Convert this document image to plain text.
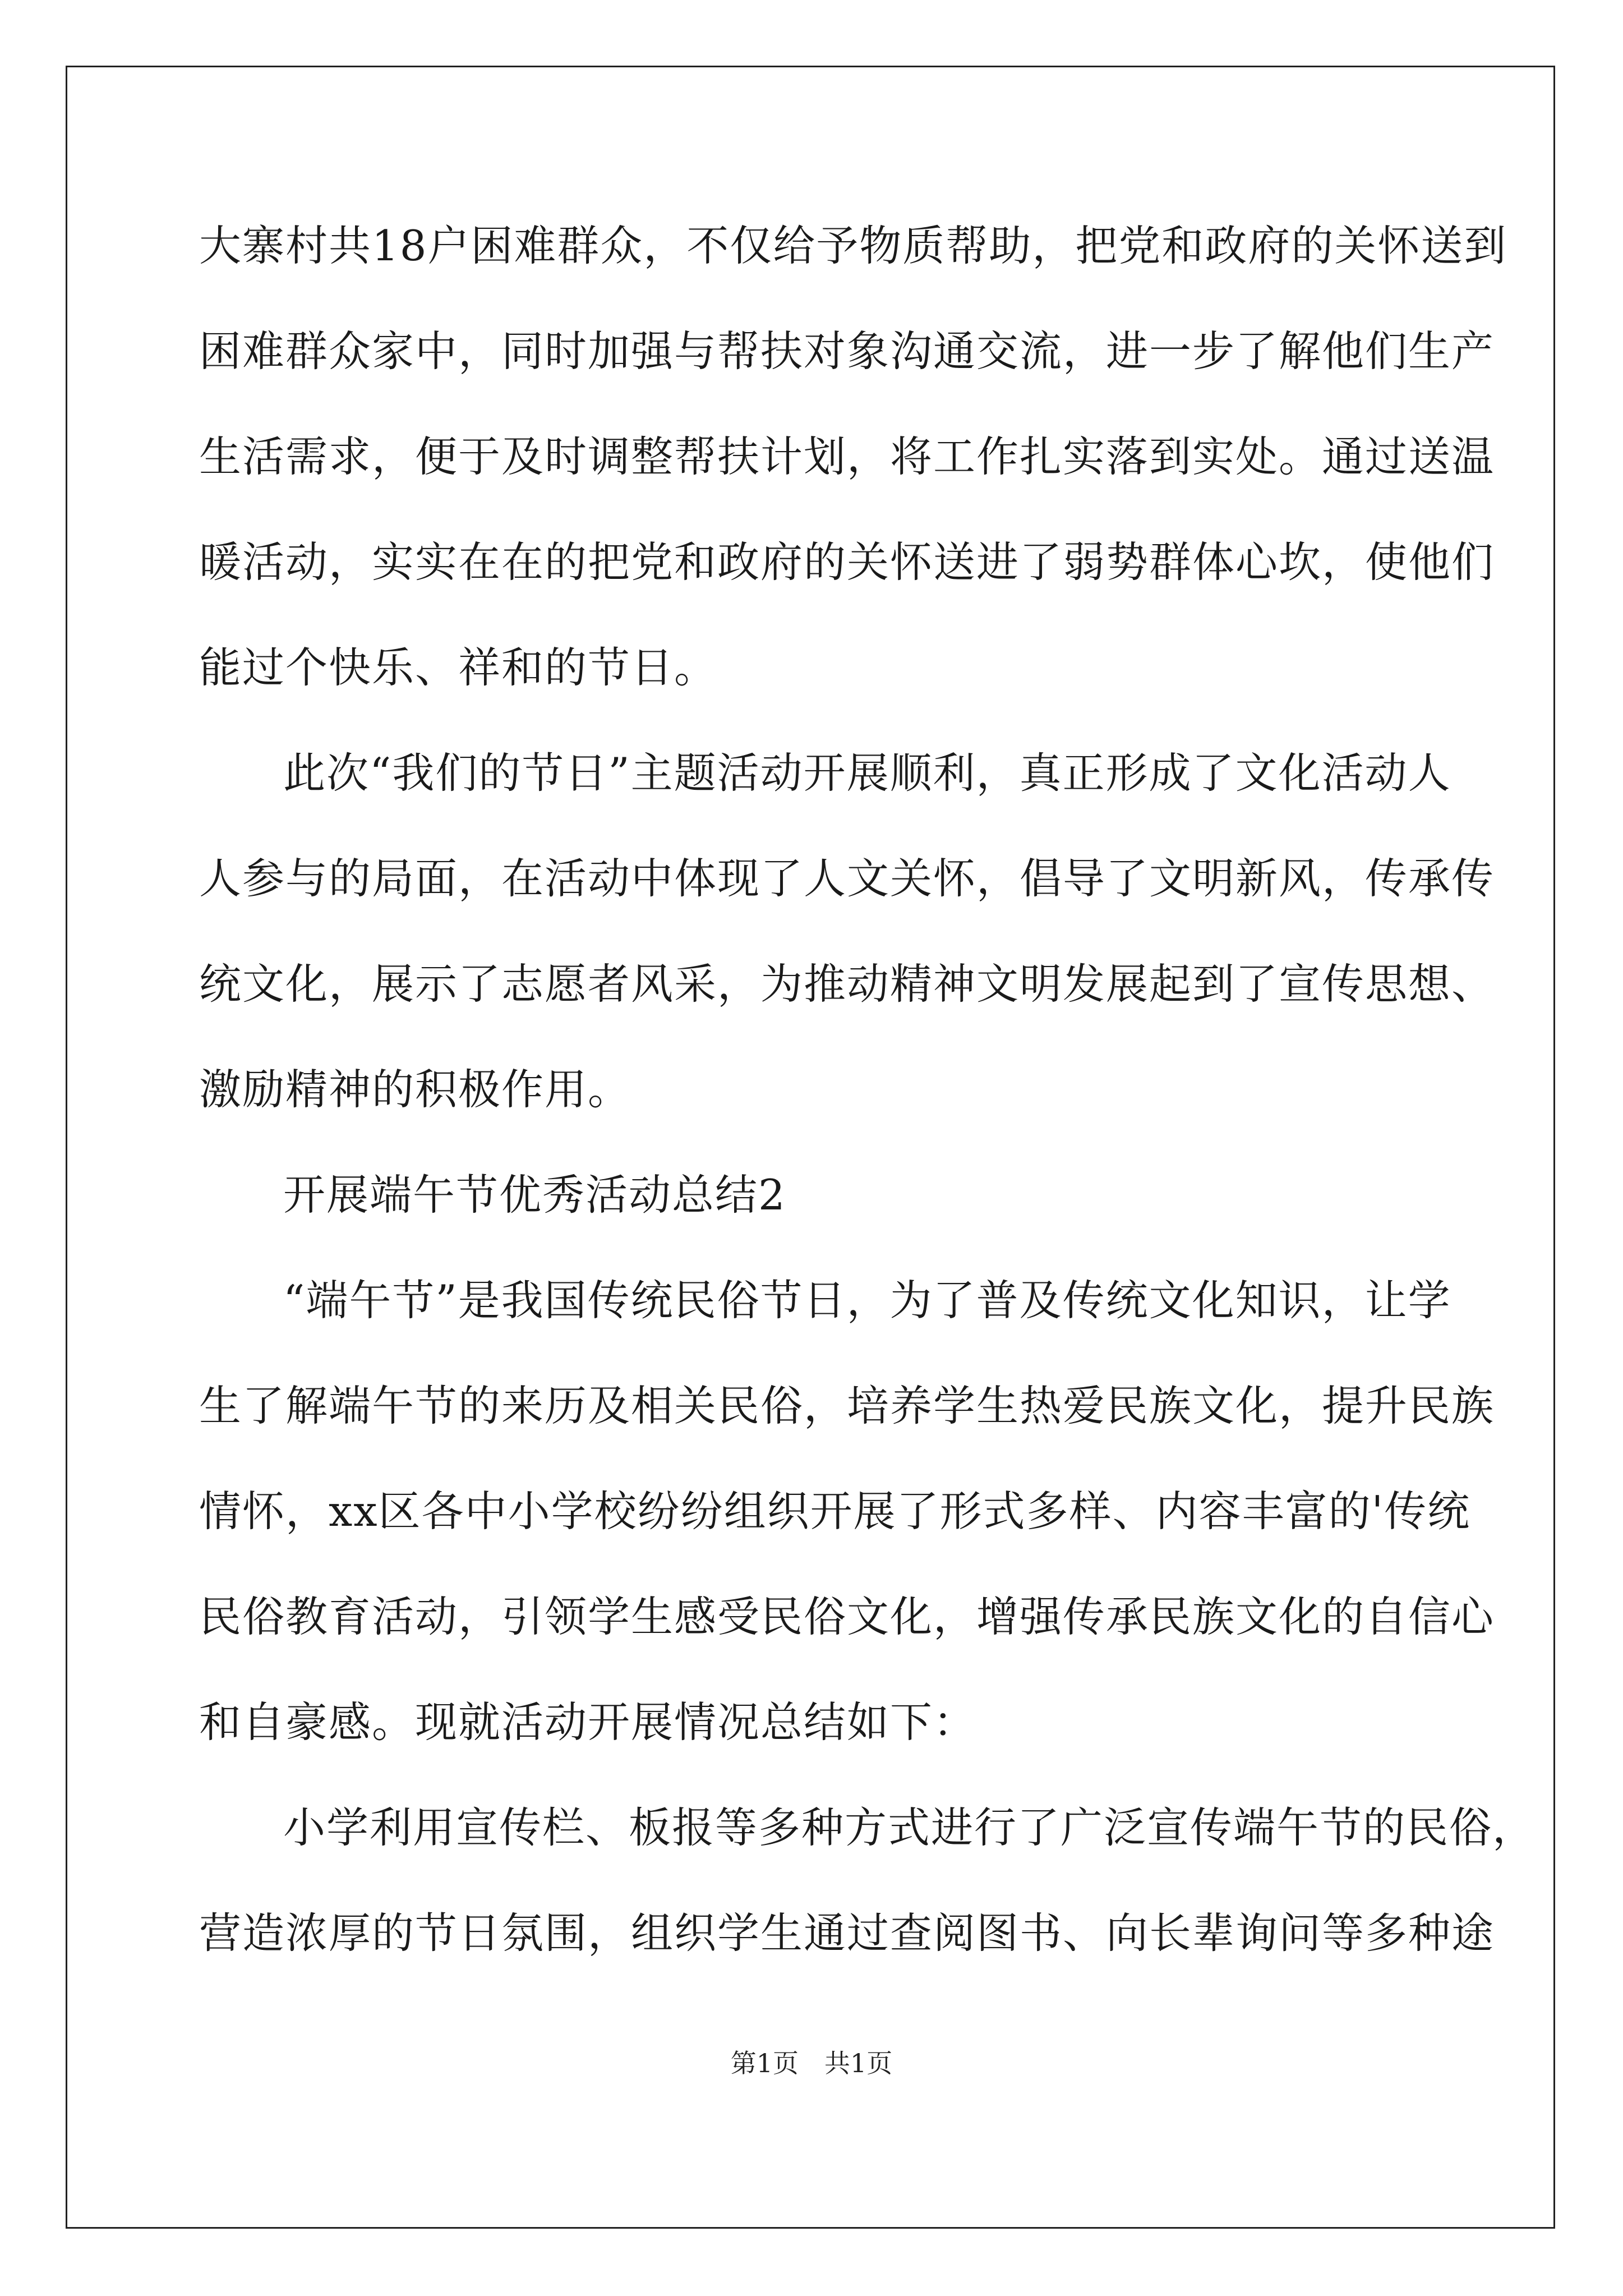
大寨村共18户困难群众，不仅给予物质帮助，把党和政府的关怀送到
困难群众家中，同时加强与帮扶对象沟通交流，进一步了解他们生产
生活需求，便于及时调整帮扶计划，将工作扎实落到实处。通过送温
暖活动，实实在在的把党和政府的关怀送进了弱势群体心坎，使他们
能过个快乐、祥和的节日。
此次“我们的节日”主题活动开展顺利，真正形成了文化活动人
人参与的局面，在活动中体现了人文关怀，倡导了文明新风，传承传
统文化，展示了志愿者风采，为推动精神文明发展起到了宣传思想、
激励精神的积极作用。
开展端午节优秀活动总结2
“端午节”是我国传统民俗节日，为了普及传统文化知识，让学
生了解端午节的来历及相关民俗，培养学生热爱民族文化，提升民族
情怀，xx区各中小学校纷纷组织开展了形式多样、内容丰富的'传统
民俗教育活动，引领学生感受民俗文化，增强传承民族文化的自信心
和自豪感。现就活动开展情况总结如下：
小学利用宣传栏、板报等多种方式进行了广泛宣传端午节的民俗，
营造浓厚的节日氛围，组织学生通过查阅图书、向长辈询问等多种途
第1页　共1页
